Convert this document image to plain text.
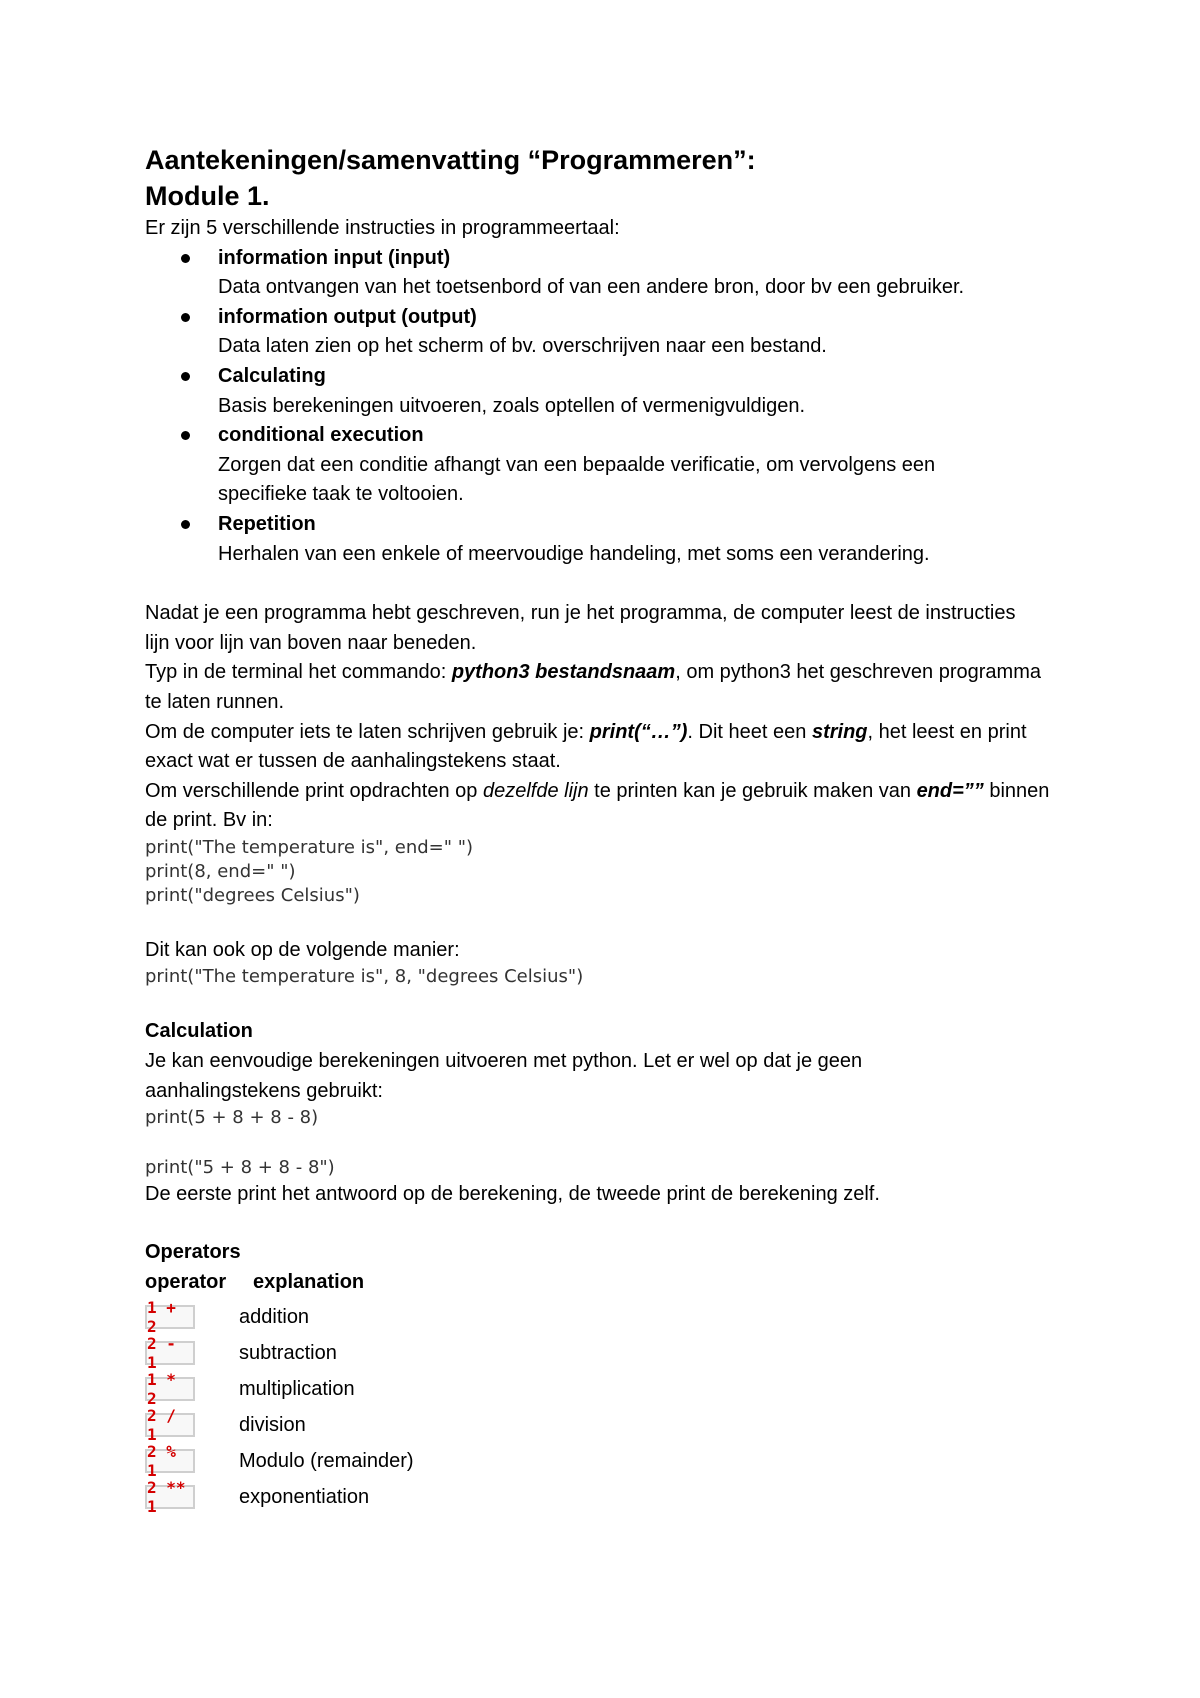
Aantekeningen/samenvatting “Programmeren”:
Module 1.

Er zijn 5 verschillende instructies in programmeertaal:

information input (input)
Data ontvangen van het toetsenbord of van een andere bron, door bv een gebruiker.
information output (output)
Data laten zien op het scherm of bv. overschrijven naar een bestand.
Calculating
Basis berekeningen uitvoeren, zoals optellen of vermenigvuldigen.
conditional execution
Zorgen dat een conditie afhangt van een bepaalde verificatie, om vervolgens een specifieke taak te voltooien.
Repetition
Herhalen van een enkele of meervoudige handeling, met soms een verandering.

Nadat je een programma hebt geschreven, run je het programma, de computer leest de instructies lijn voor lijn van boven naar beneden.

Typ in de terminal het commando: python3 bestandsnaam, om python3 het geschreven programma te laten runnen.

Om de computer iets te laten schrijven gebruik je: print(“…”). Dit heet een string, het leest en print exact wat er tussen de aanhalingstekens staat.

Om verschillende print opdrachten op dezelfde lijn te printen kan je gebruik maken van end=”” binnen de print. Bv in:

print("The temperature is", end=" ")

print(8, end=" ")

print("degrees Celsius")

Dit kan ook op de volgende manier:

print("The temperature is", 8, "degrees Celsius")

Calculation

Je kan eenvoudige berekeningen uitvoeren met python. Let er wel op dat je geen aanhalingstekens gebruikt:

print(5 + 8 + 8 - 8)

print("5 + 8 + 8 - 8")

De eerste print het antwoord op de berekening, de tweede print de berekening zelf.

Operators

operator explanation
1 + 2	addition
2 - 1	subtraction
1 * 2	multiplication
2 / 1	division
2 % 1	Modulo (remainder)
2 ** 1	exponentiation
